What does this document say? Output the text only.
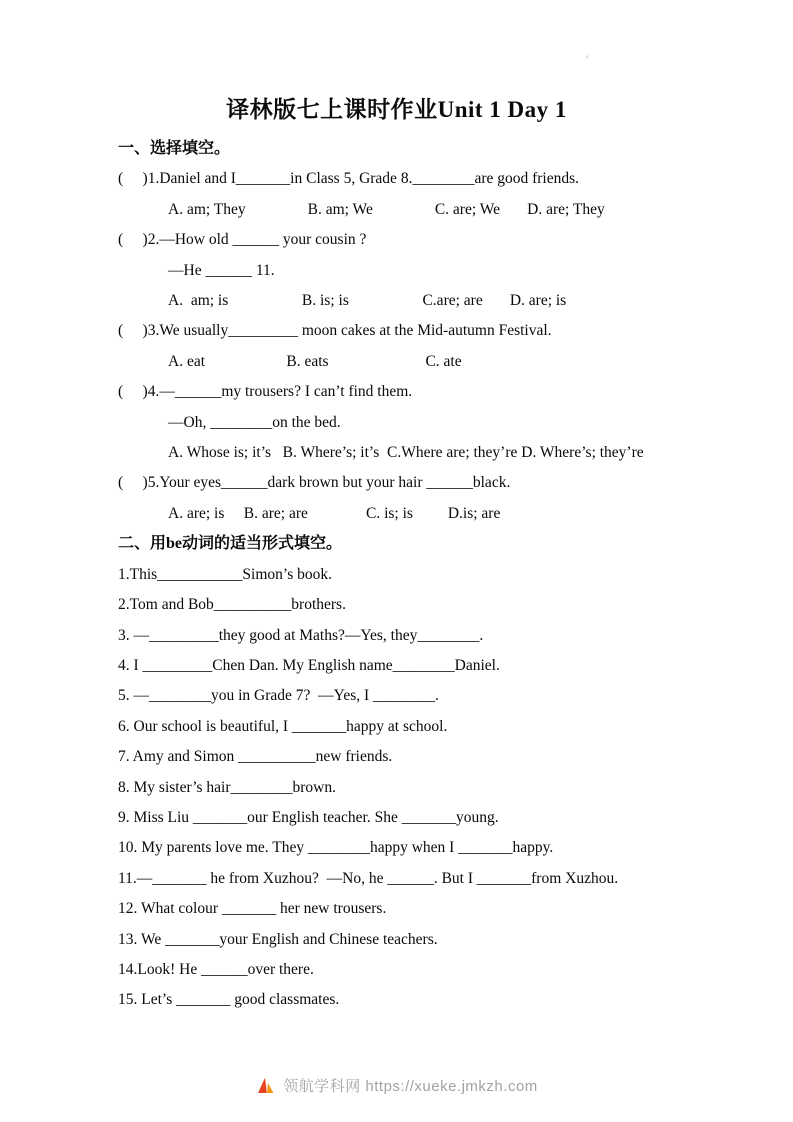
'
译林版七上课时作业Unit 1 Day 1
一、选择填空。
(     )1.Daniel and I_______in Class 5, Grade 8.________are good friends.
A. am; They                B. am; We                C. are; We       D. are; They
(     )2.—How old ______ your cousin ?
—He ______ 11.
A.  am; is                   B. is; is                   C.are; are       D. are; is
(     )3.We usually_________ moon cakes at the Mid-autumn Festival.
A. eat                     B. eats                         C. ate
(     )4.—______my trousers? I can’t find them.
—Oh, ________on the bed.
A. Whose is; it’s   B. Where’s; it’s  C.Where are; they’re D. Where’s; they’re
(     )5.Your eyes______dark brown but your hair ______black.
A. are; is     B. are; are               C. is; is         D.is; are
二、用be动词的适当形式填空。
1.This___________Simon’s book.
2.Tom and Bob__________brothers.
3. —_________they good at Maths?—Yes, they________.
4. I _________Chen Dan. My English name________Daniel.
5. —________you in Grade 7?  —Yes, I ________.
6. Our school is beautiful, I _______happy at school.
7. Amy and Simon __________new friends.
8. My sister’s hair________brown.
9. Miss Liu _______our English teacher. She _______young.
10. My parents love me. They ________happy when I _______happy.
11.—_______ he from Xuzhou?  —No, he ______. But I _______from Xuzhou.
12. What colour _______ her new trousers.
13. We _______your English and Chinese teachers.
14.Look! He ______over there.
15. Let’s _______ good classmates.
领航学科网 https://xueke.jmkzh.com
